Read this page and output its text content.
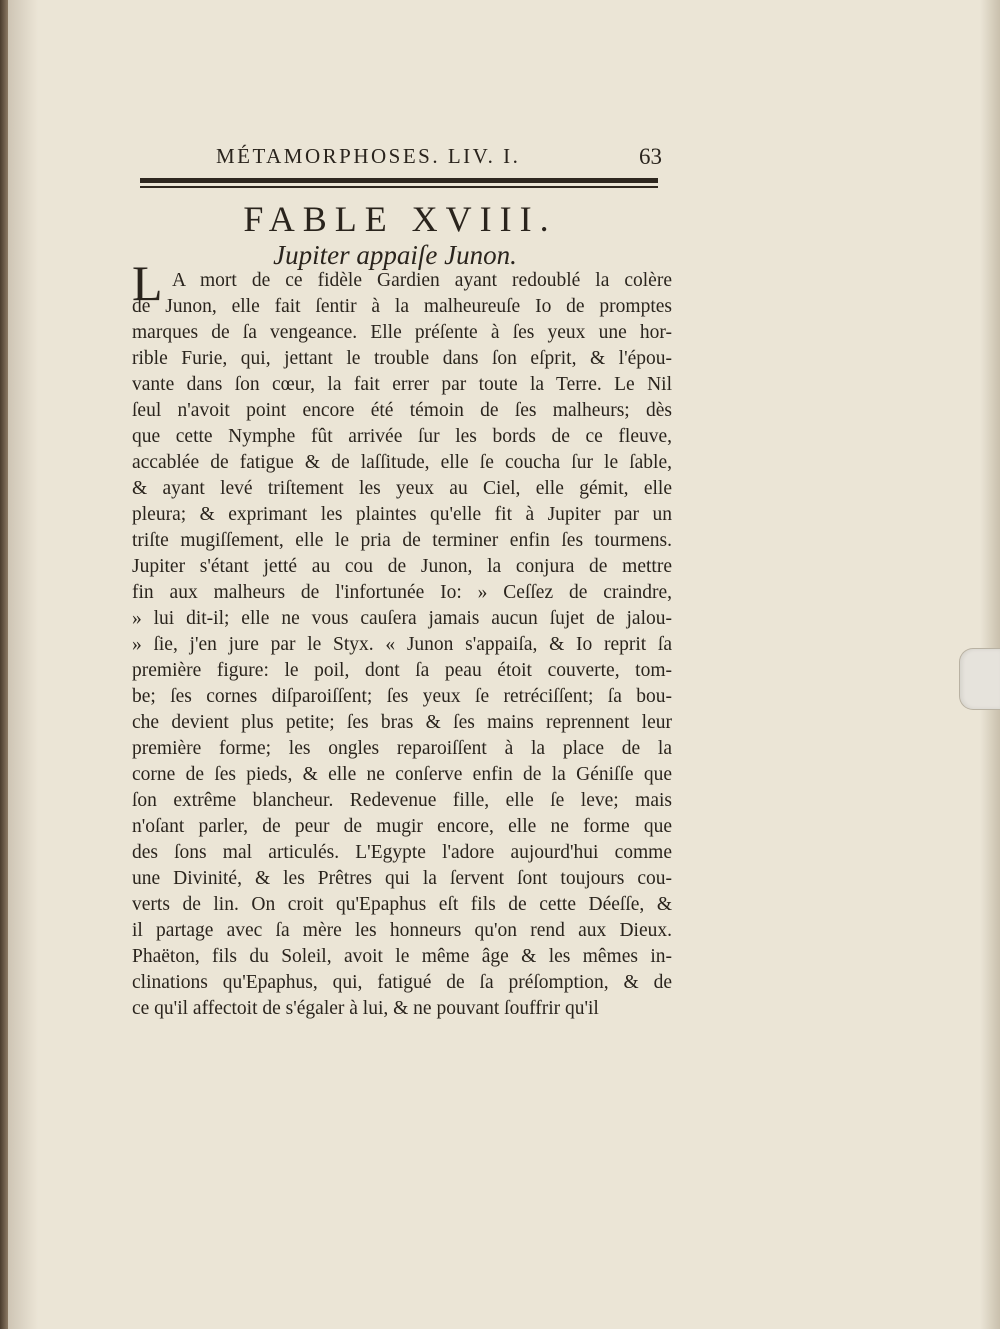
MÉTAMORPHOSES. LIV. I.	63
FABLE XVIII.
Jupiter appaiſe Junon.
L A mort de ce fidèle Gardien ayant redoublé la colère
de Junon, elle fait ſentir à la malheureuſe Io de promptes
marques de ſa vengeance. Elle préſente à ſes yeux une hor-
rible Furie, qui, jettant le trouble dans ſon eſprit, & l'épou-
vante dans ſon cœur, la fait errer par toute la Terre. Le Nil
ſeul n'avoit point encore été témoin de ſes malheurs; dès
que cette Nymphe fût arrivée ſur les bords de ce fleuve,
accablée de fatigue & de laſſitude, elle ſe coucha ſur le ſable,
& ayant levé triſtement les yeux au Ciel, elle gémit, elle
pleura; & exprimant les plaintes qu'elle fit à Jupiter par un
triſte mugiſſement, elle le pria de terminer enfin ſes tourmens.
Jupiter s'étant jetté au cou de Junon, la conjura de mettre
fin aux malheurs de l'infortunée Io: » Ceſſez de craindre,
» lui dit-il; elle ne vous cauſera jamais aucun ſujet de jalou-
» ſie, j'en jure par le Styx. « Junon s'appaiſa, & Io reprit ſa
première figure: le poil, dont ſa peau étoit couverte, tom-
be; ſes cornes diſparoiſſent; ſes yeux ſe retréciſſent; ſa bou-
che devient plus petite; ſes bras & ſes mains reprennent leur
première forme; les ongles reparoiſſent à la place de la
corne de ſes pieds, & elle ne conſerve enfin de la Géniſſe que
ſon extrême blancheur. Redevenue fille, elle ſe leve; mais
n'oſant parler, de peur de mugir encore, elle ne forme que
des ſons mal articulés. L'Egypte l'adore aujourd'hui comme
une Divinité, & les Prêtres qui la ſervent ſont toujours cou-
verts de lin. On croit qu'Epaphus eſt fils de cette Déeſſe, &
il partage avec ſa mère les honneurs qu'on rend aux Dieux.
Phaëton, fils du Soleil, avoit le même âge & les mêmes in-
clinations qu'Epaphus, qui, fatigué de ſa préſomption, & de
ce qu'il affectoit de s'égaler à lui, & ne pouvant ſouffrir qu'il
